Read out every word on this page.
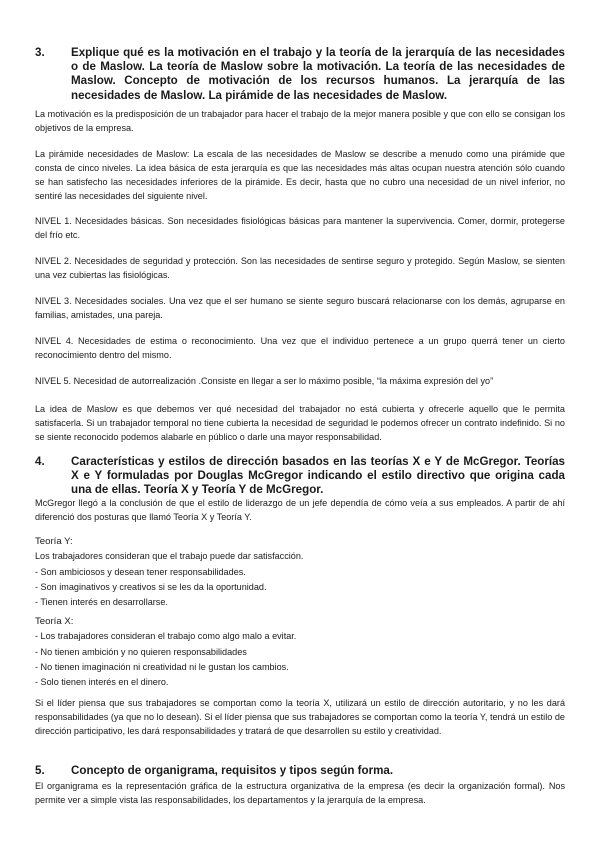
3. Explique qué es la motivación en el trabajo y la teoría de la jerarquía de las necesidades o de Maslow. La teoría de Maslow sobre la motivación. La teoría de las necesidades de Maslow. Concepto de motivación de los recursos humanos. La jerarquía de las necesidades de Maslow. La pirámide de las necesidades de Maslow.

La motivación es la predisposición de un trabajador para hacer el trabajo de la mejor manera posible y que con ello se consigan los objetivos de la empresa.

La pirámide necesidades de Maslow: La escala de las necesidades de Maslow se describe a menudo como una pirámide que consta de cinco niveles. La idea básica de esta jerarquía es que las necesidades más altas ocupan nuestra atención sólo cuando se han satisfecho las necesidades inferiores de la pirámide. Es decir, hasta que no cubro una necesidad de un nivel inferior, no sentiré las necesidades del siguiente nivel.

NIVEL 1. Necesidades básicas. Son necesidades fisiológicas básicas para mantener la supervivencia. Comer, dormir, protegerse del frío etc.

NIVEL 2. Necesidades de seguridad y protección. Son las necesidades de sentirse seguro y protegido. Según Maslow, se sienten una vez cubiertas las fisiológicas.

NIVEL 3. Necesidades sociales. Una vez que el ser humano se siente seguro buscará relacionarse con los demás, agruparse en familias, amistades, una pareja.

NIVEL 4. Necesidades de estima o reconocimiento. Una vez que el individuo pertenece a un grupo querrá tener un cierto reconocimiento dentro del mismo.

NIVEL 5. Necesidad de autorrealización .Consiste en llegar a ser lo máximo posible, “la máxima expresión del yo”

La idea de Maslow es que debemos ver qué necesidad del trabajador no está cubierta y ofrecerle aquello que le permita satisfacerla. Si un trabajador temporal no tiene cubierta la necesidad de seguridad le podemos ofrecer un contrato indefinido. Si no se siente reconocido podemos alabarle en público o darle una mayor responsabilidad.

4. Características y estilos de dirección basados en las teorías X e Y de McGregor. Teorías X e Y formuladas por Douglas McGregor indicando el estilo directivo que origina cada una de ellas. Teoría X y Teoría Y de McGregor.

McGregor llegó a la conclusión de que el estilo de liderazgo de un jefe dependía de cómo veía a sus empleados. A partir de ahí diferenció dos posturas que llamó Teoría X y Teoría Y.

Teoría Y:
Los trabajadores consideran que el trabajo puede dar satisfacción.
- Son ambiciosos y desean tener responsabilidades.
- Son imaginativos y creativos si se les da la oportunidad.
- Tienen interés en desarrollarse.
Teoría X:
- Los trabajadores consideran el trabajo como algo malo a evitar.
- No tienen ambición y no quieren responsabilidades
- No tienen imaginación ni creatividad ni le gustan los cambios.
- Solo tienen interés en el dinero.

Si el líder piensa que sus trabajadores se comportan como la teoría X, utilizará un estilo de dirección autoritario, y no les dará responsabilidades (ya que no lo desean). Si el líder piensa que sus trabajadores se comportan como la teoría Y, tendrá un estilo de dirección participativo, les dará responsabilidades y tratará de que desarrollen su estilo y creatividad.

5. Concepto de organigrama, requisitos y tipos según forma.

El organigrama es la representación gráfica de la estructura organizativa de la empresa (es decir la organización formal). Nos permite ver a simple vista las responsabilidades, los departamentos y la jerarquía de la empresa.
